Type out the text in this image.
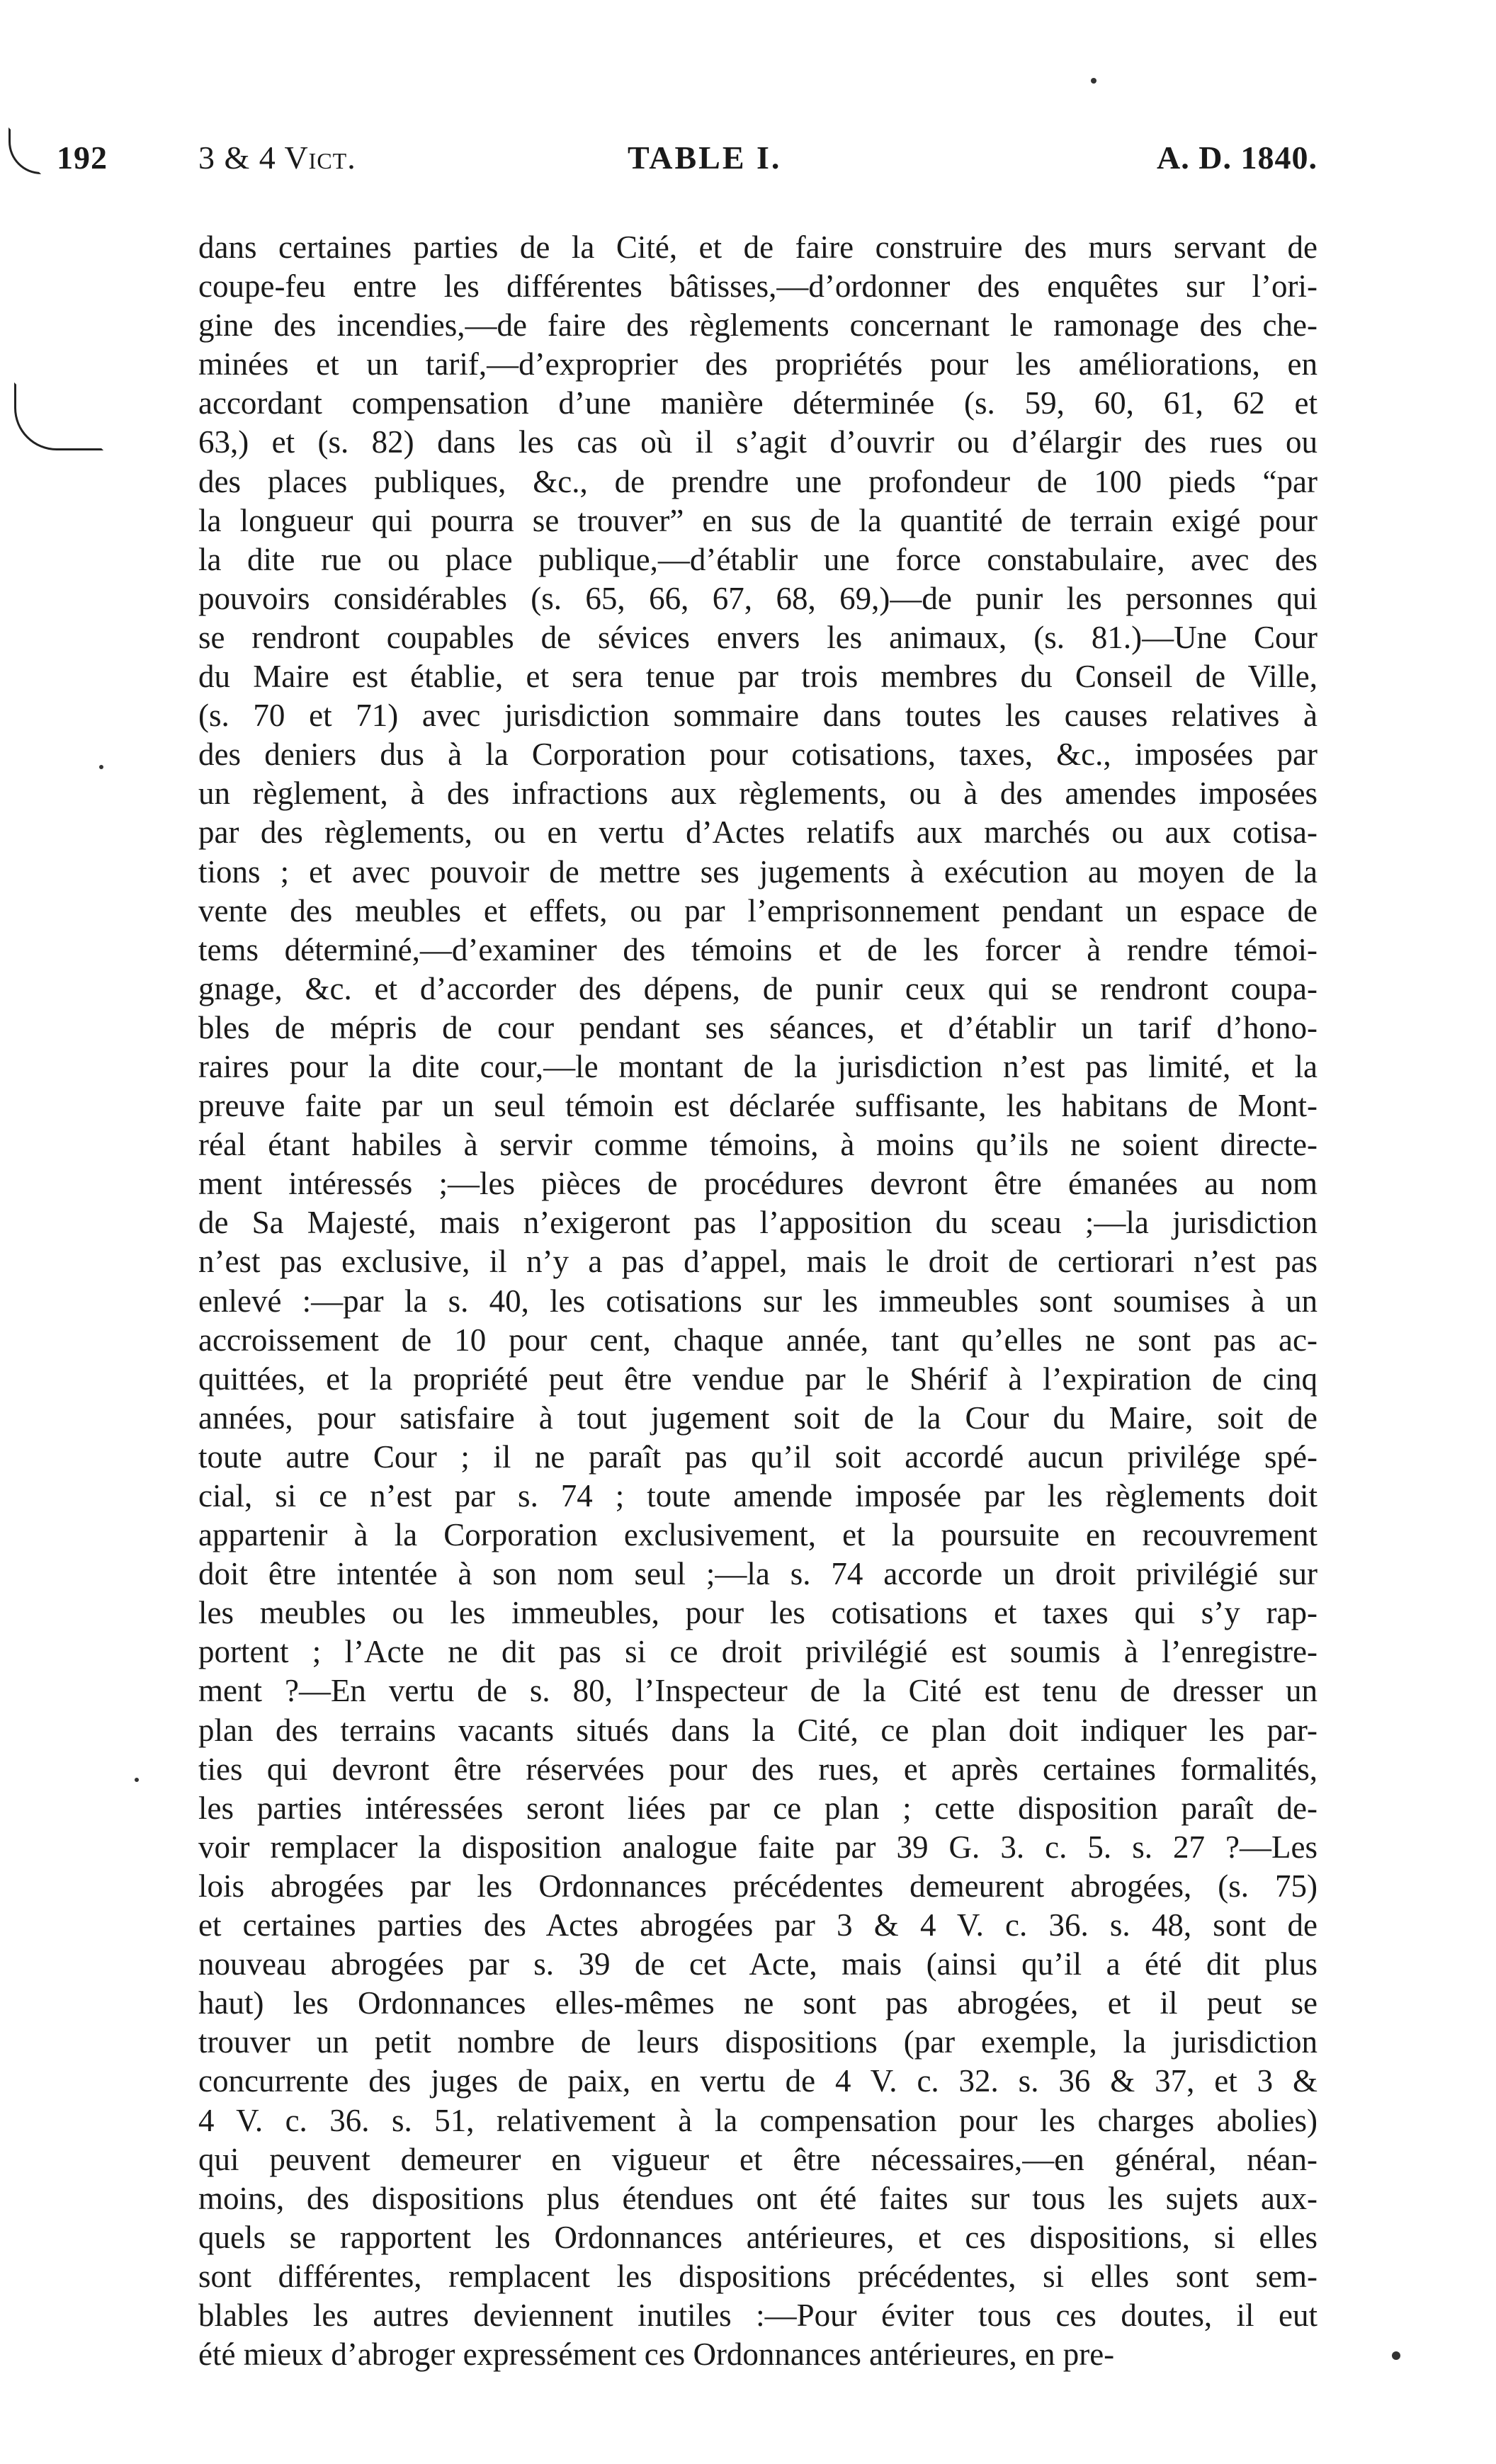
192	3 & 4 Vict.	TABLE I.	A. D. 1840.
dans certaines parties de la Cité, et de faire construire des murs servant de
coupe-feu entre les différentes bâtisses,—d’ordonner des enquêtes sur l’ori-
gine des incendies,—de faire des règlements concernant le ramonage des che-
minées et un tarif,—d’exproprier des propriétés pour les améliorations, en
accordant compensation d’une manière déterminée (s. 59, 60, 61, 62 et
63,) et (s. 82) dans les cas où il s’agit d’ouvrir ou d’élargir des rues ou
des places publiques, &c., de prendre une profondeur de 100 pieds “par
la longueur qui pourra se trouver” en sus de la quantité de terrain exigé pour
la dite rue ou place publique,—d’établir une force constabulaire, avec des
pouvoirs considérables (s. 65, 66, 67, 68, 69,)—de punir les personnes qui
se rendront coupables de sévices envers les animaux, (s. 81.)—Une Cour
du Maire est établie, et sera tenue par trois membres du Conseil de Ville,
(s. 70 et 71) avec jurisdiction sommaire dans toutes les causes relatives à
des deniers dus à la Corporation pour cotisations, taxes, &c., imposées par
un règlement, à des infractions aux règlements, ou à des amendes imposées
par des règlements, ou en vertu d’Actes relatifs aux marchés ou aux cotisa-
tions ; et avec pouvoir de mettre ses jugements à exécution au moyen de la
vente des meubles et effets, ou par l’emprisonnement pendant un espace de
tems déterminé,—d’examiner des témoins et de les forcer à rendre témoi-
gnage, &c. et d’accorder des dépens, de punir ceux qui se rendront coupa-
bles de mépris de cour pendant ses séances, et d’établir un tarif d’hono-
raires pour la dite cour,—le montant de la jurisdiction n’est pas limité, et la
preuve faite par un seul témoin est déclarée suffisante, les habitans de Mont-
réal étant habiles à servir comme témoins, à moins qu’ils ne soient directe-
ment intéressés ;—les pièces de procédures devront être émanées au nom
de Sa Majesté, mais n’exigeront pas l’apposition du sceau ;—la jurisdiction
n’est pas exclusive, il n’y a pas d’appel, mais le droit de certiorari n’est pas
enlevé :—par la s. 40, les cotisations sur les immeubles sont soumises à un
accroissement de 10 pour cent, chaque année, tant qu’elles ne sont pas ac-
quittées, et la propriété peut être vendue par le Shérif à l’expiration de cinq
années, pour satisfaire à tout jugement soit de la Cour du Maire, soit de
toute autre Cour ; il ne paraît pas qu’il soit accordé aucun privilége spé-
cial, si ce n’est par s. 74 ; toute amende imposée par les règlements doit
appartenir à la Corporation exclusivement, et la poursuite en recouvrement
doit être intentée à son nom seul ;—la s. 74 accorde un droit privilégié sur
les meubles ou les immeubles, pour les cotisations et taxes qui s’y rap-
portent ; l’Acte ne dit pas si ce droit privilégié est soumis à l’enregistre-
ment ?—En vertu de s. 80, l’Inspecteur de la Cité est tenu de dresser un
plan des terrains vacants situés dans la Cité, ce plan doit indiquer les par-
ties qui devront être réservées pour des rues, et après certaines formalités,
les parties intéressées seront liées par ce plan ; cette disposition paraît de-
voir remplacer la disposition analogue faite par 39 G. 3. c. 5. s. 27 ?—Les
lois abrogées par les Ordonnances précédentes demeurent abrogées, (s. 75)
et certaines parties des Actes abrogées par 3 & 4 V. c. 36. s. 48, sont de
nouveau abrogées par s. 39 de cet Acte, mais (ainsi qu’il a été dit plus
haut) les Ordonnances elles-mêmes ne sont pas abrogées, et il peut se
trouver un petit nombre de leurs dispositions (par exemple, la jurisdiction
concurrente des juges de paix, en vertu de 4 V. c. 32. s. 36 & 37, et 3 &
4 V. c. 36. s. 51, relativement à la compensation pour les charges abolies)
qui peuvent demeurer en vigueur et être nécessaires,—en général, néan-
moins, des dispositions plus étendues ont été faites sur tous les sujets aux-
quels se rapportent les Ordonnances antérieures, et ces dispositions, si elles
sont différentes, remplacent les dispositions précédentes, si elles sont sem-
blables les autres deviennent inutiles :—Pour éviter tous ces doutes, il eut
été mieux d’abroger expressément ces Ordonnances antérieures, en pre-
